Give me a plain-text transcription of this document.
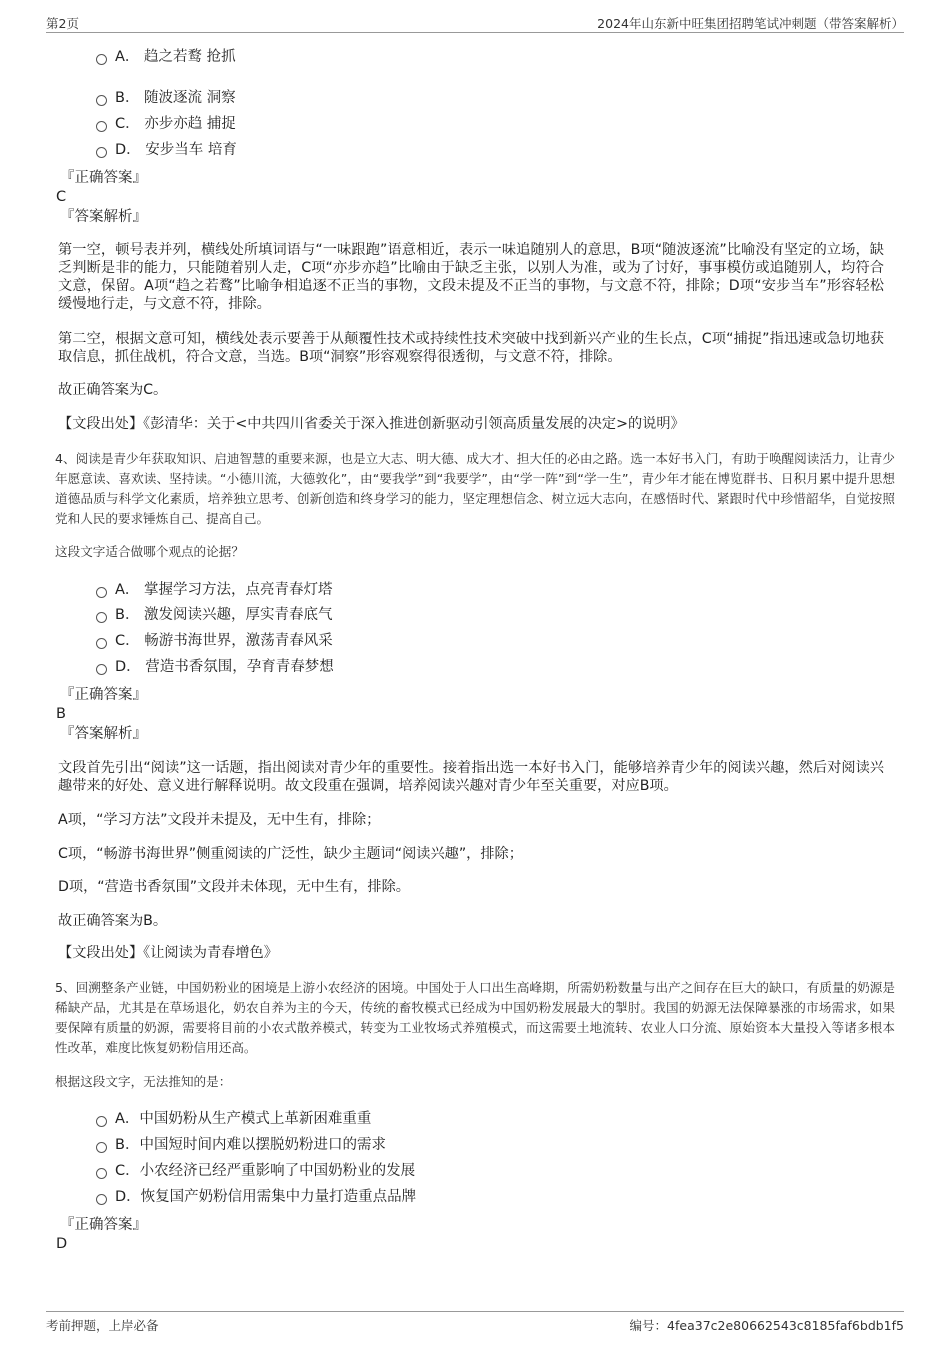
第2页	2024年山东新中旺集团招聘笔试冲刺题（带答案解析）
A． 趋之若鹜 抢抓
B． 随波逐流 洞察
C． 亦步亦趋 捕捉
D． 安步当车 培育
『正确答案』
C
『答案解析』
第一空，顿号表并列，横线处所填词语与“一味跟跑”语意相近，表示一味追随别人的意思，B项“随波逐流”比喻没有坚定的立场，缺乏判断是非的能力，只能随着别人走，C项“亦步亦趋”比喻由于缺乏主张，以别人为准，或为了讨好，事事模仿或追随别人，均符合文意，保留。A项“趋之若鹜”比喻争相追逐不正当的事物，文段未提及不正当的事物，与文意不符，排除；D项“安步当车”形容轻松缓慢地行走，与文意不符，排除。
第二空，根据文意可知，横线处表示要善于从颠覆性技术或持续性技术突破中找到新兴产业的生长点，C项“捕捉”指迅速或急切地获取信息，抓住战机，符合文意，当选。B项“洞察”形容观察得很透彻，与文意不符，排除。
故正确答案为C。
【文段出处】《彭清华：关于<中共四川省委关于深入推进创新驱动引领高质量发展的决定>的说明》
4、阅读是青少年获取知识、启迪智慧的重要来源，也是立大志、明大德、成大才、担大任的必由之路。选一本好书入门，有助于唤醒阅读活力，让青少年愿意读、喜欢读、坚持读。“小德川流，大德敦化”，由“要我学”到“我要学”，由“学一阵”到“学一生”，青少年才能在博览群书、日积月累中提升思想道德品质与科学文化素质，培养独立思考、创新创造和终身学习的能力，坚定理想信念、树立远大志向，在感悟时代、紧跟时代中珍惜韶华，自觉按照党和人民的要求锤炼自己、提高自己。
这段文字适合做哪个观点的论据？
A． 掌握学习方法，点亮青春灯塔
B． 激发阅读兴趣，厚实青春底气
C． 畅游书海世界，激荡青春风采
D． 营造书香氛围，孕育青春梦想
『正确答案』
B
『答案解析』
文段首先引出“阅读”这一话题，指出阅读对青少年的重要性。接着指出选一本好书入门，能够培养青少年的阅读兴趣，然后对阅读兴趣带来的好处、意义进行解释说明。故文段重在强调，培养阅读兴趣对青少年至关重要，对应B项。
A项，“学习方法”文段并未提及，无中生有，排除；
C项，“畅游书海世界”侧重阅读的广泛性，缺少主题词“阅读兴趣”，排除；
D项，“营造书香氛围”文段并未体现，无中生有，排除。
故正确答案为B。
【文段出处】《让阅读为青春增色》
5、回溯整条产业链，中国奶粉业的困境是上游小农经济的困境。中国处于人口出生高峰期，所需奶粉数量与出产之间存在巨大的缺口，有质量的奶源是稀缺产品，尤其是在草场退化，奶农自养为主的今天，传统的畜牧模式已经成为中国奶粉发展最大的掣肘。我国的奶源无法保障暴涨的市场需求，如果要保障有质量的奶源，需要将目前的小农式散养模式，转变为工业牧场式养殖模式，而这需要土地流转、农业人口分流、原始资本大量投入等诸多根本性改革，难度比恢复奶粉信用还高。
根据这段文字，无法推知的是：
A．中国奶粉从生产模式上革新困难重重
B．中国短时间内难以摆脱奶粉进口的需求
C．小农经济已经严重影响了中国奶粉业的发展
D．恢复国产奶粉信用需集中力量打造重点品牌
『正确答案』
D
考前押题，上岸必备	编号：4fea37c2e80662543c8185faf6bdb1f5
